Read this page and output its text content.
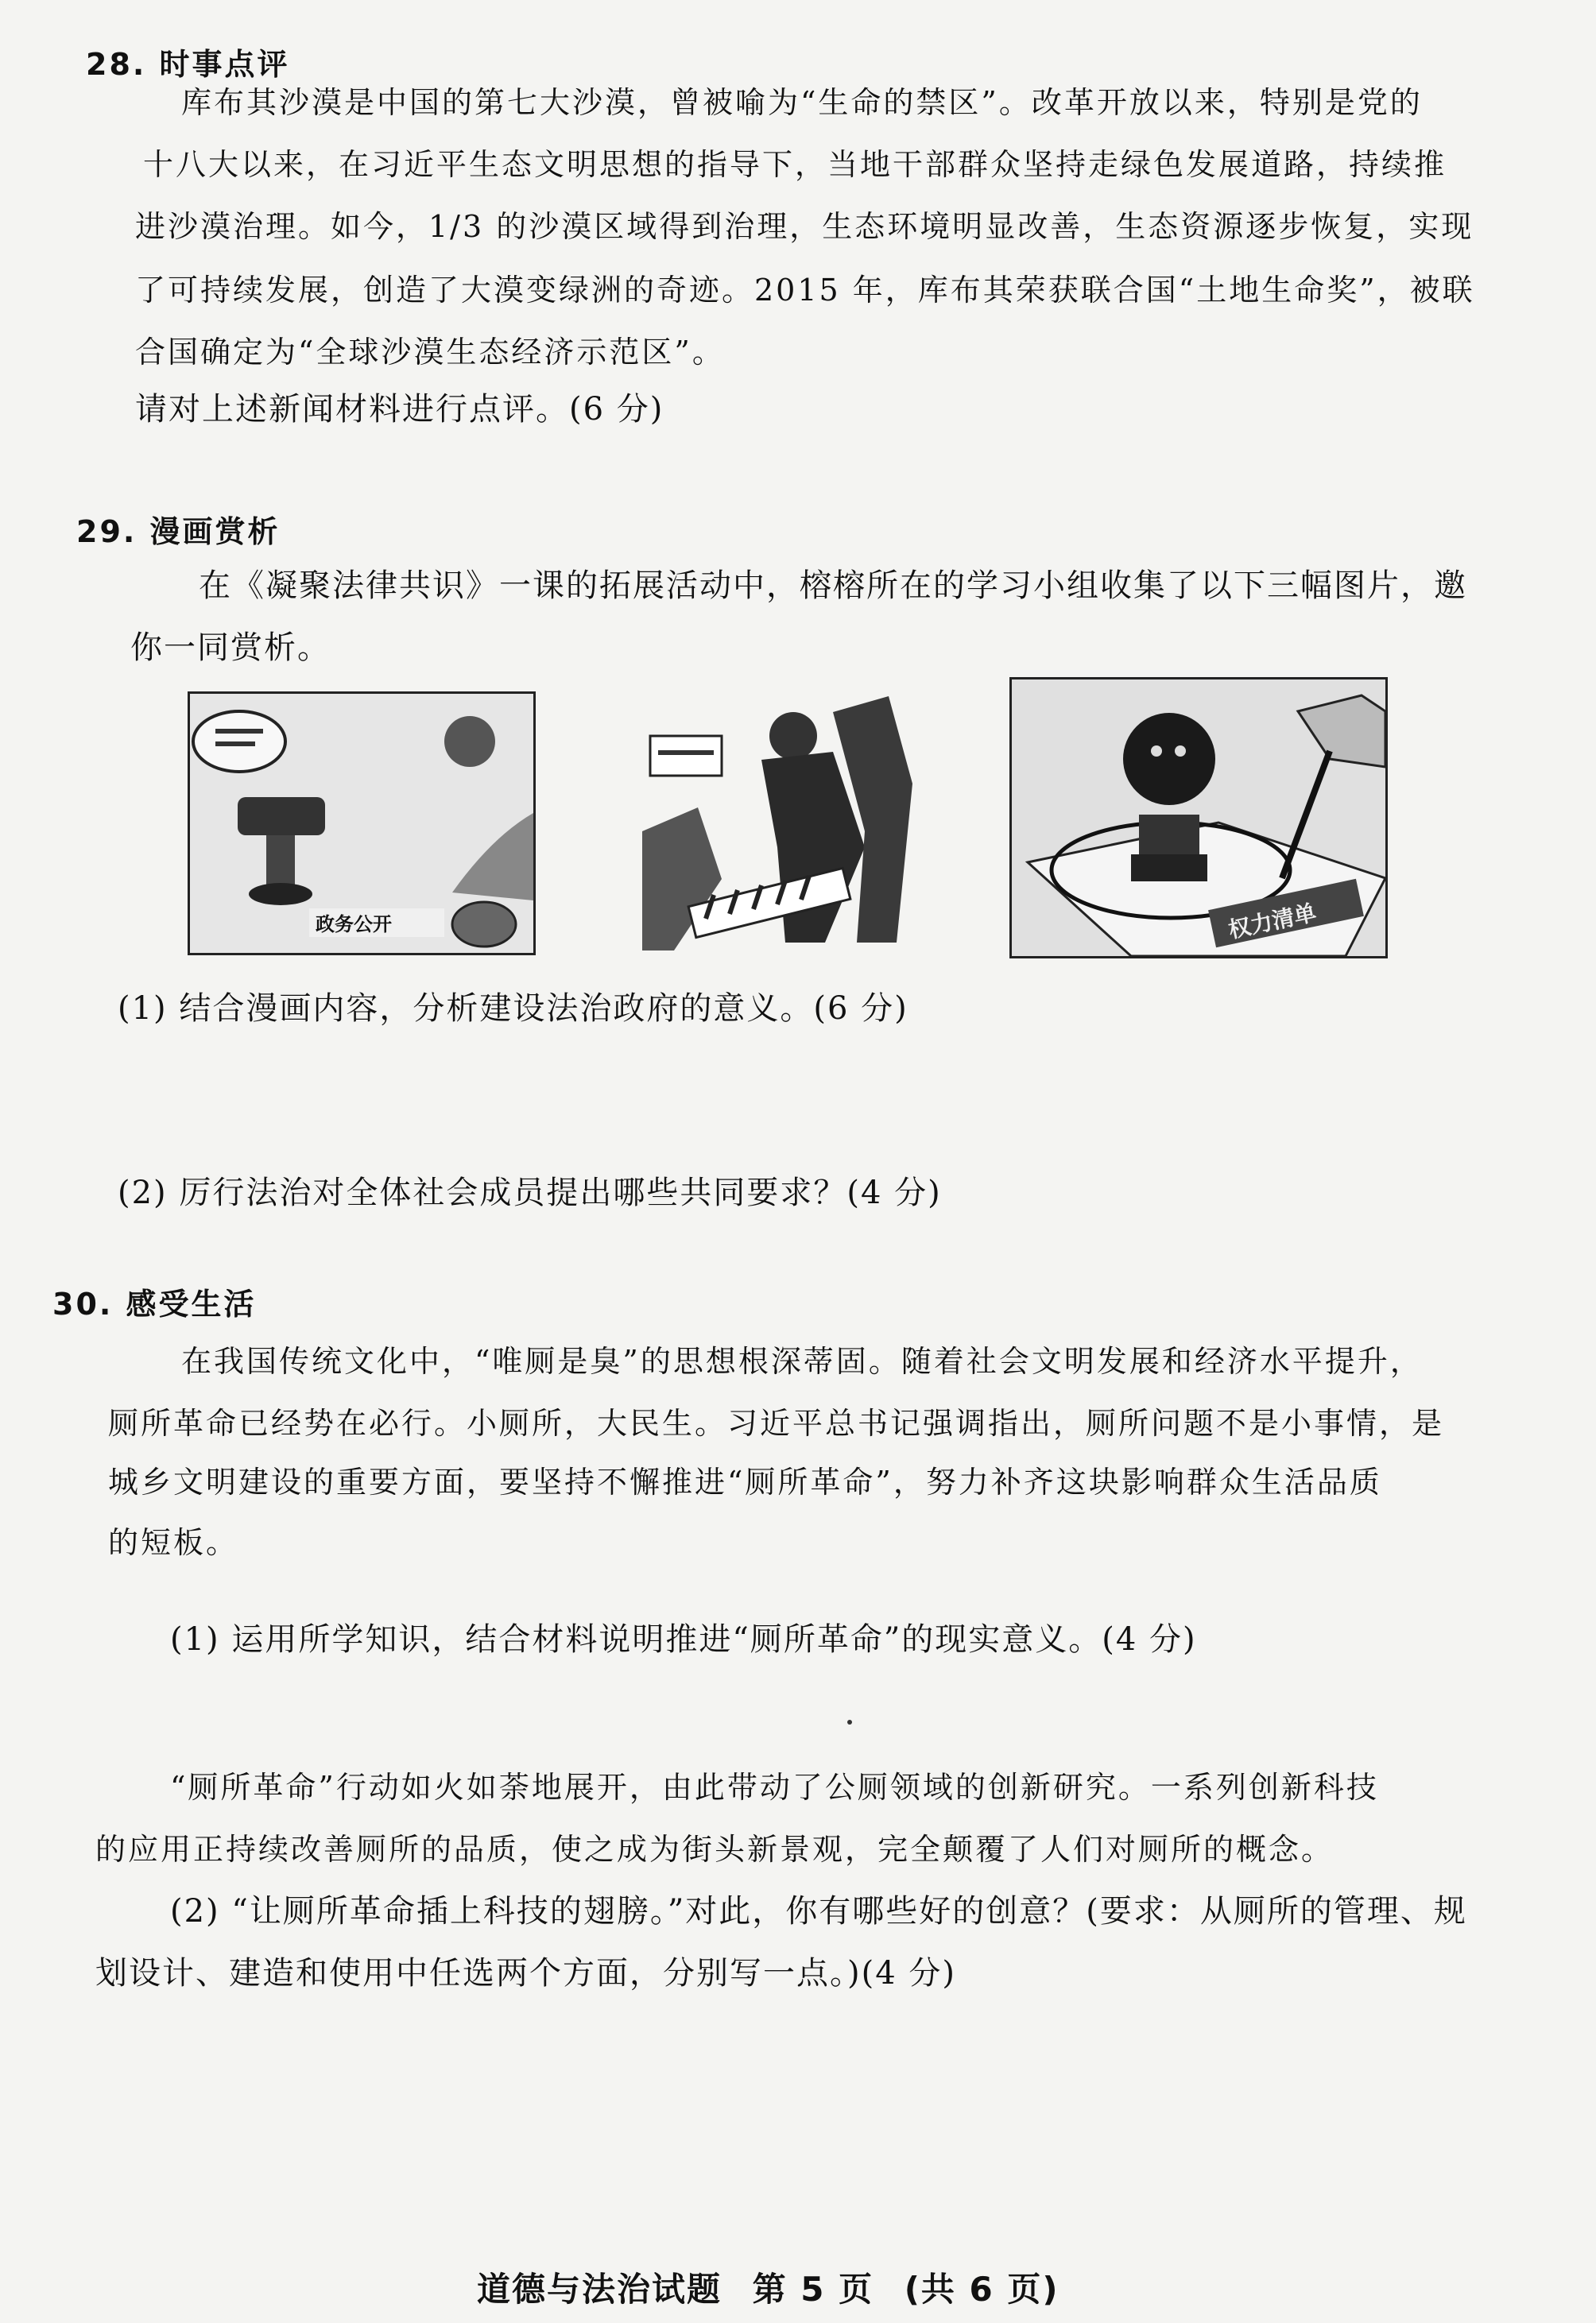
28. 时事点评
库布其沙漠是中国的第七大沙漠，曾被喻为“生命的禁区”。改革开放以来，特别是党的
十八大以来，在习近平生态文明思想的指导下，当地干部群众坚持走绿色发展道路，持续推
进沙漠治理。如今，1/3 的沙漠区域得到治理，生态环境明显改善，生态资源逐步恢复，实现
了可持续发展，创造了大漠变绿洲的奇迹。2015 年，库布其荣获联合国“土地生命奖”，被联
合国确定为“全球沙漠生态经济示范区”。
请对上述新闻材料进行点评。(6 分)
29. 漫画赏析
在《凝聚法律共识》一课的拓展活动中，榕榕所在的学习小组收集了以下三幅图片，邀
你一同赏析。
政务公开	权力清单
(1) 结合漫画内容，分析建设法治政府的意义。(6 分)
(2) 厉行法治对全体社会成员提出哪些共同要求？(4 分)
30. 感受生活
在我国传统文化中，“唯厕是臭”的思想根深蒂固。随着社会文明发展和经济水平提升，
厕所革命已经势在必行。小厕所，大民生。习近平总书记强调指出，厕所问题不是小事情，是
城乡文明建设的重要方面，要坚持不懈推进“厕所革命”，努力补齐这块影响群众生活品质
的短板。
(1) 运用所学知识，结合材料说明推进“厕所革命”的现实意义。(4 分)
“厕所革命”行动如火如荼地展开，由此带动了公厕领域的创新研究。一系列创新科技
的应用正持续改善厕所的品质，使之成为街头新景观，完全颠覆了人们对厕所的概念。
(2) “让厕所革命插上科技的翅膀。”对此，你有哪些好的创意？(要求：从厕所的管理、规
划设计、建造和使用中任选两个方面，分别写一点。)(4 分)
道德与法治试题 第 5 页 (共 6 页)
